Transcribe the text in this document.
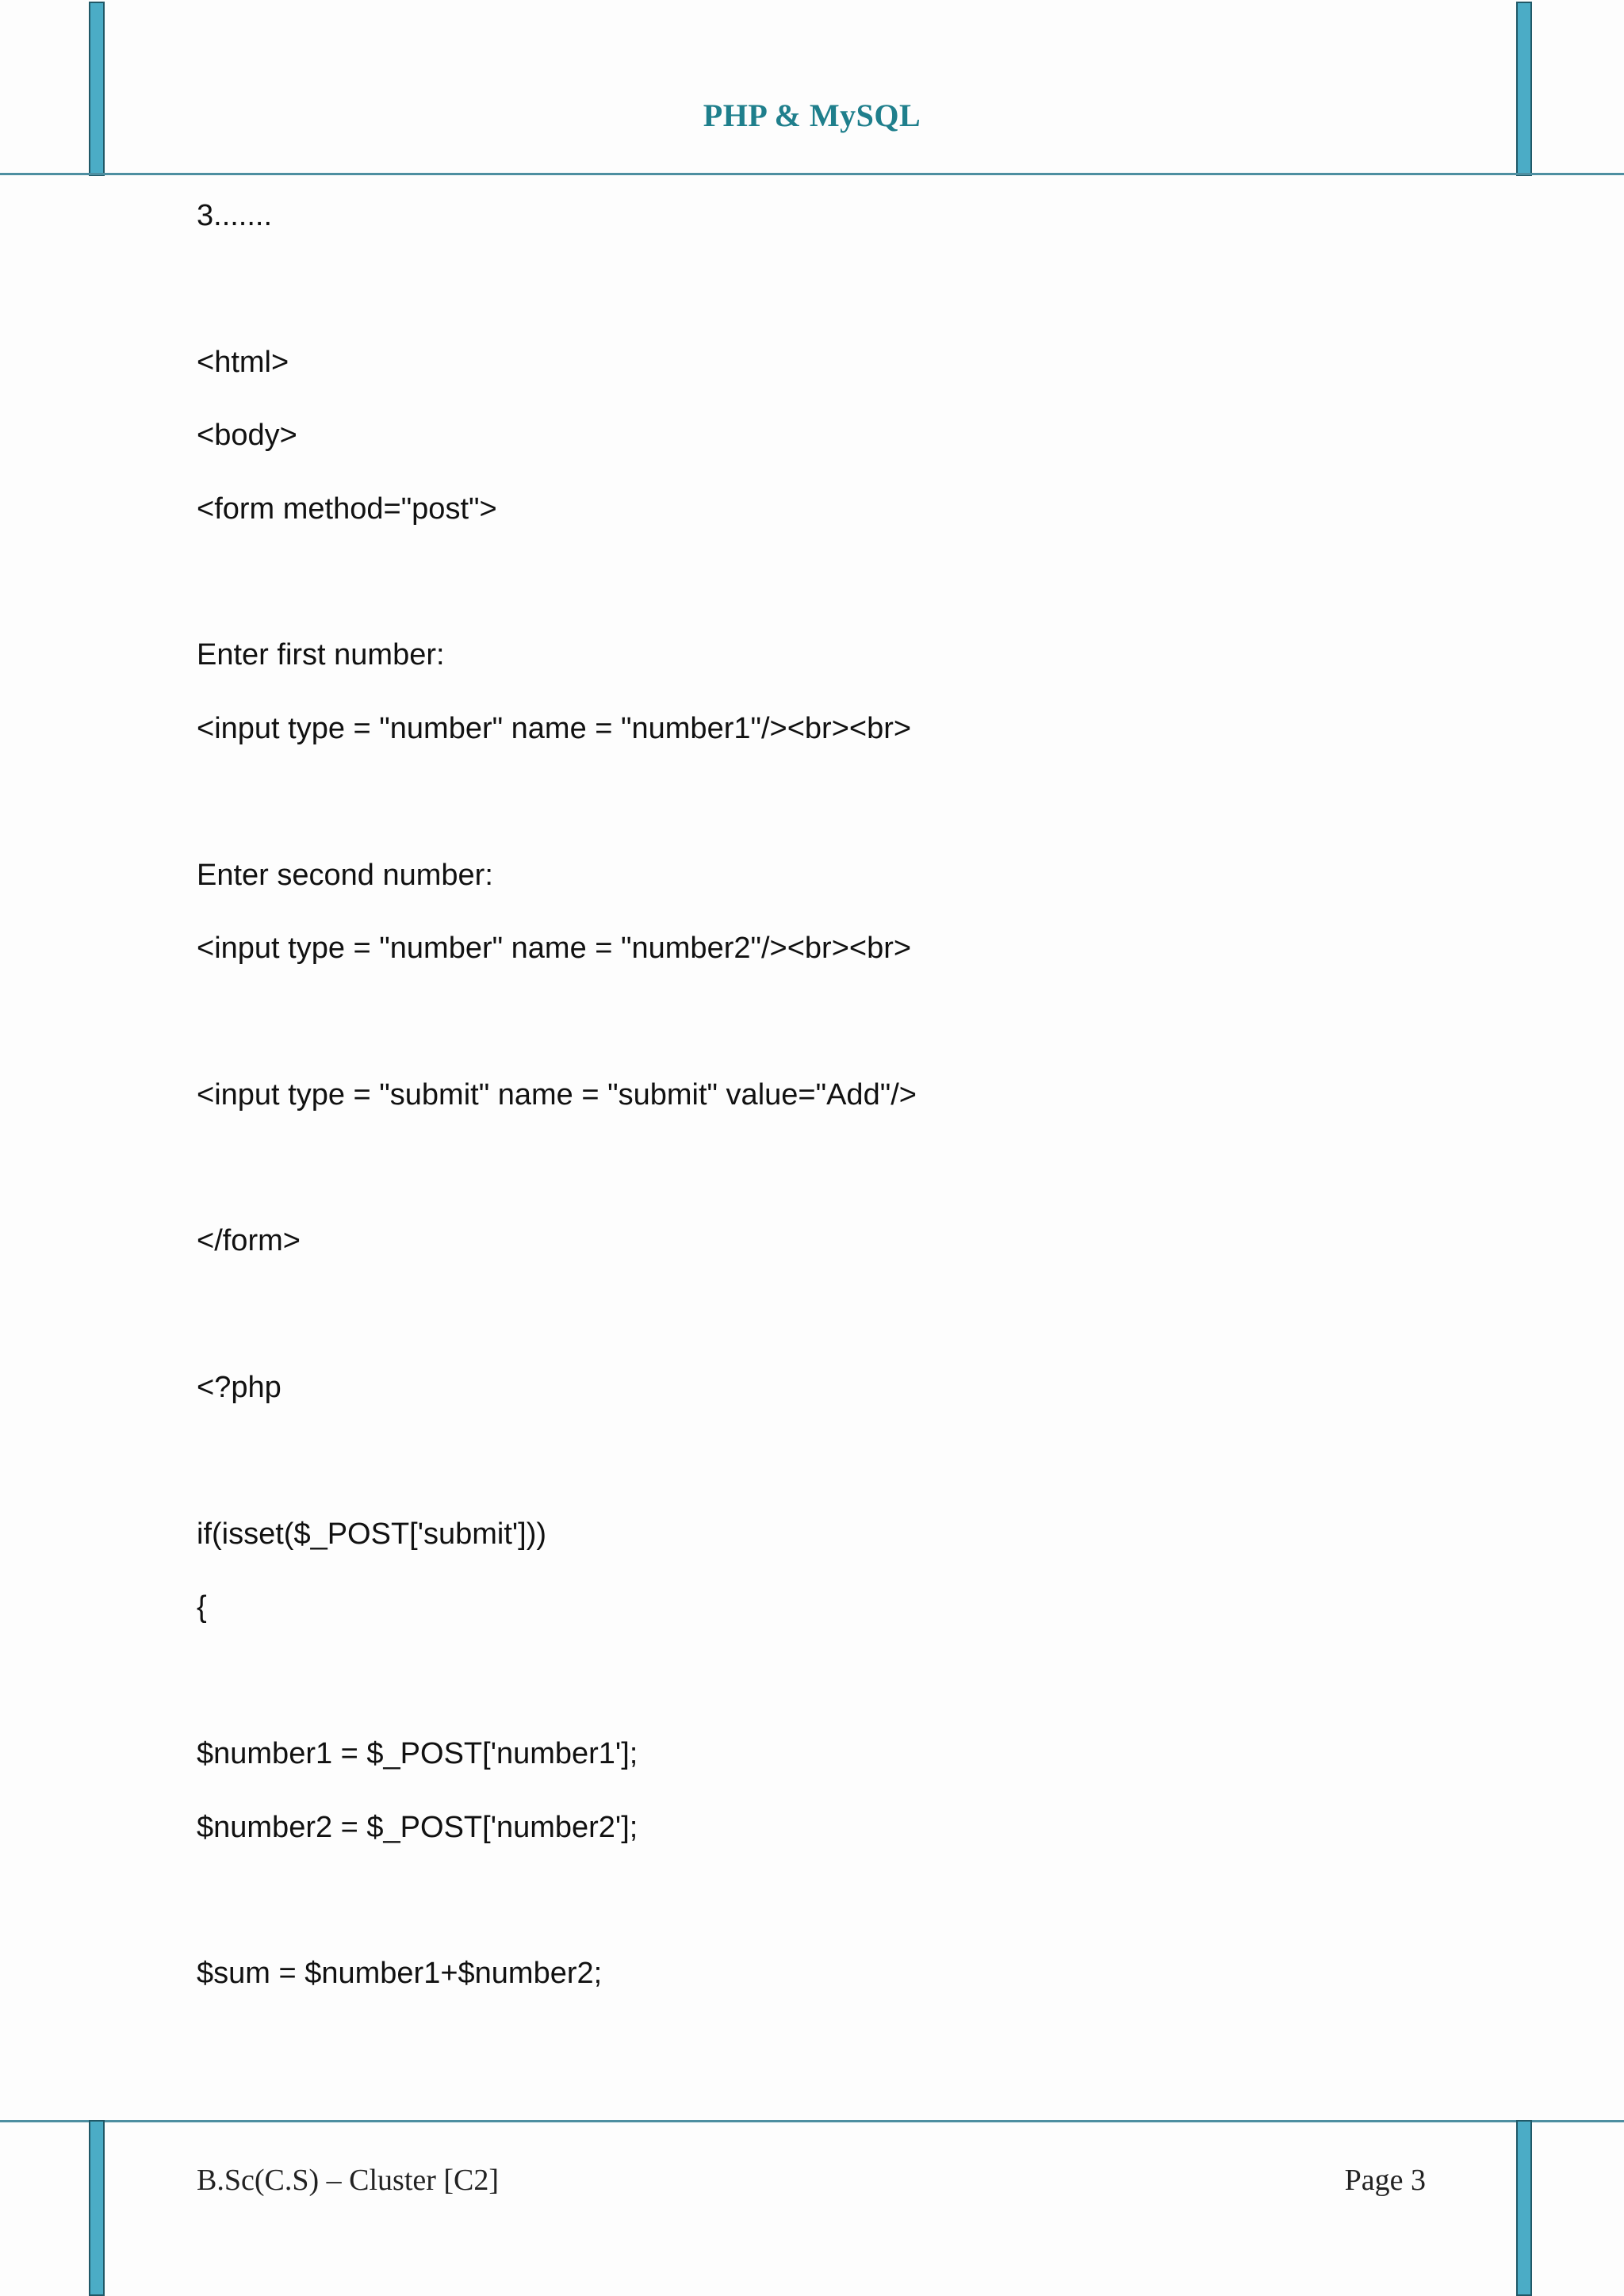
PHP & MySQL
3.......
<html>
<body>
<form method="post">
Enter first number:
<input type = "number" name = "number1"/><br><br>
Enter second number:
<input type = "number" name = "number2"/><br><br>
<input type = "submit" name = "submit" value="Add"/>
</form>
<?php
if(isset($_POST['submit']))
{
$number1 = $_POST['number1'];
$number2 = $_POST['number2'];
$sum = $number1+$number2;
B.Sc(C.S) – Cluster [C2]	Page 3
